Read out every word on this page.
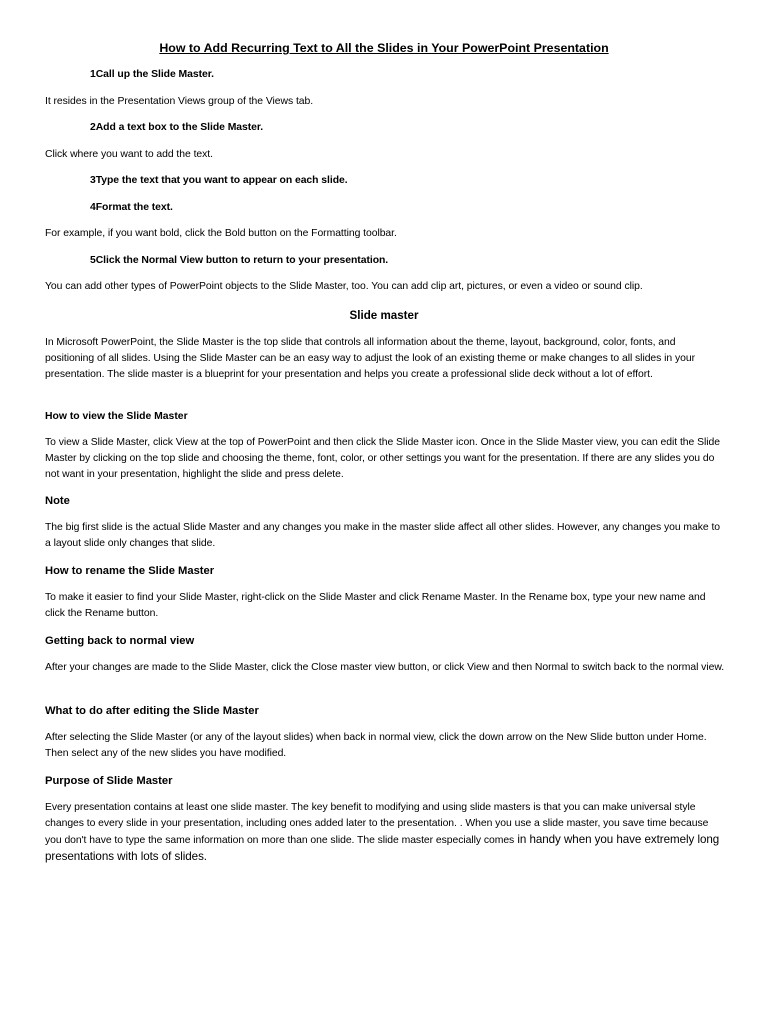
How to Add Recurring Text to All the Slides in Your PowerPoint Presentation
1Call up the Slide Master.
It resides in the Presentation Views group of the Views tab.
2Add a text box to the Slide Master.
Click where you want to add the text.
3Type the text that you want to appear on each slide.
4Format the text.
For example, if you want bold, click the Bold button on the Formatting toolbar.
5Click the Normal View button to return to your presentation.
You can add other types of PowerPoint objects to the Slide Master, too. You can add clip art, pictures, or even a video or sound clip.
Slide master
In Microsoft PowerPoint, the Slide Master is the top slide that controls all information about the theme, layout, background, color, fonts, and positioning of all slides. Using the Slide Master can be an easy way to adjust the look of an existing theme or make changes to all slides in your presentation. The slide master is a blueprint for your presentation and helps you create a professional slide deck without a lot of effort.
How to view the Slide Master
To view a Slide Master, click View at the top of PowerPoint and then click the Slide Master icon. Once in the Slide Master view, you can edit the Slide Master by clicking on the top slide and choosing the theme, font, color, or other settings you want for the presentation. If there are any slides you do not want in your presentation, highlight the slide and press delete.
Note
The big first slide is the actual Slide Master and any changes you make in the master slide affect all other slides. However, any changes you make to a layout slide only changes that slide.
How to rename the Slide Master
To make it easier to find your Slide Master, right-click on the Slide Master and click Rename Master. In the Rename box, type your new name and click the Rename button.
Getting back to normal view
After your changes are made to the Slide Master, click the Close master view button, or click View and then Normal to switch back to the normal view.
What to do after editing the Slide Master
After selecting the Slide Master (or any of the layout slides) when back in normal view, click the down arrow on the New Slide button under Home. Then select any of the new slides you have modified.
Purpose of Slide Master
Every presentation contains at least one slide master. The key benefit to modifying and using slide masters is that you can make universal style changes to every slide in your presentation, including ones added later to the presentation. . When you use a slide master, you save time because you don't have to type the same information on more than one slide. The slide master especially comes in handy when you have extremely long presentations with lots of slides.
